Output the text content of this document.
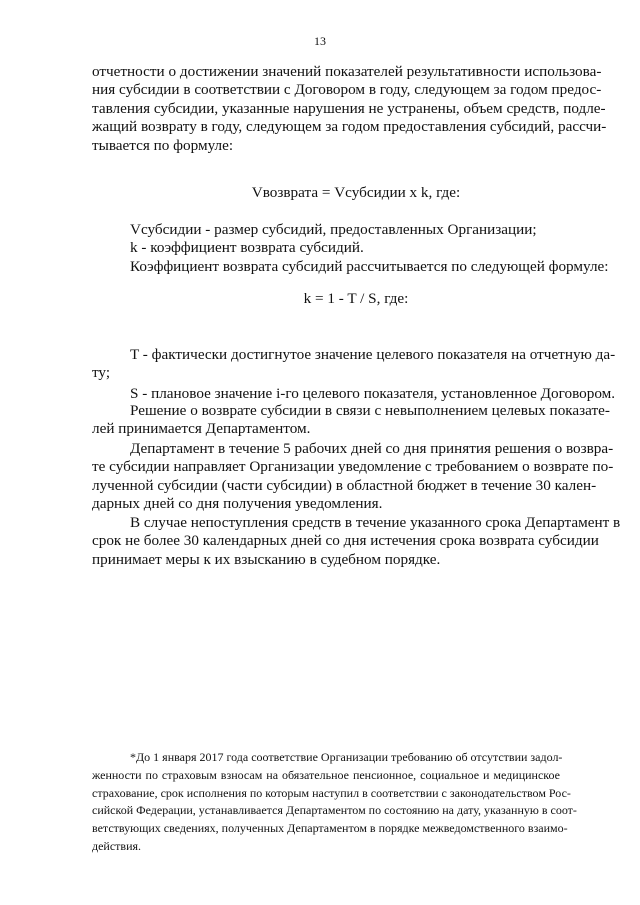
13
отчетности о достижении значений показателей результативности использова-
ния субсидии в соответствии с Договором в году, следующем за годом предос-
тавления субсидии, указанные нарушения не устранены, объем средств, подле-
жащий возврату в году, следующем за годом предоставления субсидий, рассчи-
тывается по формуле:
Vвозврата = Vсубсидии х k, где:
Vсубсидии - размер субсидий, предоставленных Организации;
k - коэффициент возврата субсидий.
Коэффициент возврата субсидий рассчитывается по следующей формуле:
k = 1 - T / S, где:
T - фактически достигнутое значение целевого показателя на отчетную да-
ту;
S - плановое значение i-го целевого показателя, установленное Договором.
Решение о возврате субсидии в связи с невыполнением целевых показате-
лей принимается Департаментом.
Департамент в течение 5 рабочих дней со дня принятия решения о возвра-
те субсидии направляет Организации уведомление с требованием о возврате по-
лученной субсидии (части субсидии) в областной бюджет в течение 30 кален-
дарных дней со дня получения уведомления.
В случае непоступления средств в течение указанного срока Департамент в
срок не более 30 календарных дней со дня истечения срока возврата субсидии
принимает меры к их взысканию в судебном порядке.
*До 1 января 2017 года соответствие Организации требованию об отсутствии задол-
женности по страховым взносам на обязательное пенсионное, социальное и медицинское
страхование, срок исполнения по которым наступил в соответствии с законодательством Рос-
сийской Федерации, устанавливается Департаментом по состоянию на дату, указанную в соот-
ветствующих сведениях, полученных Департаментом в порядке межведомственного взаимо-
действия.
